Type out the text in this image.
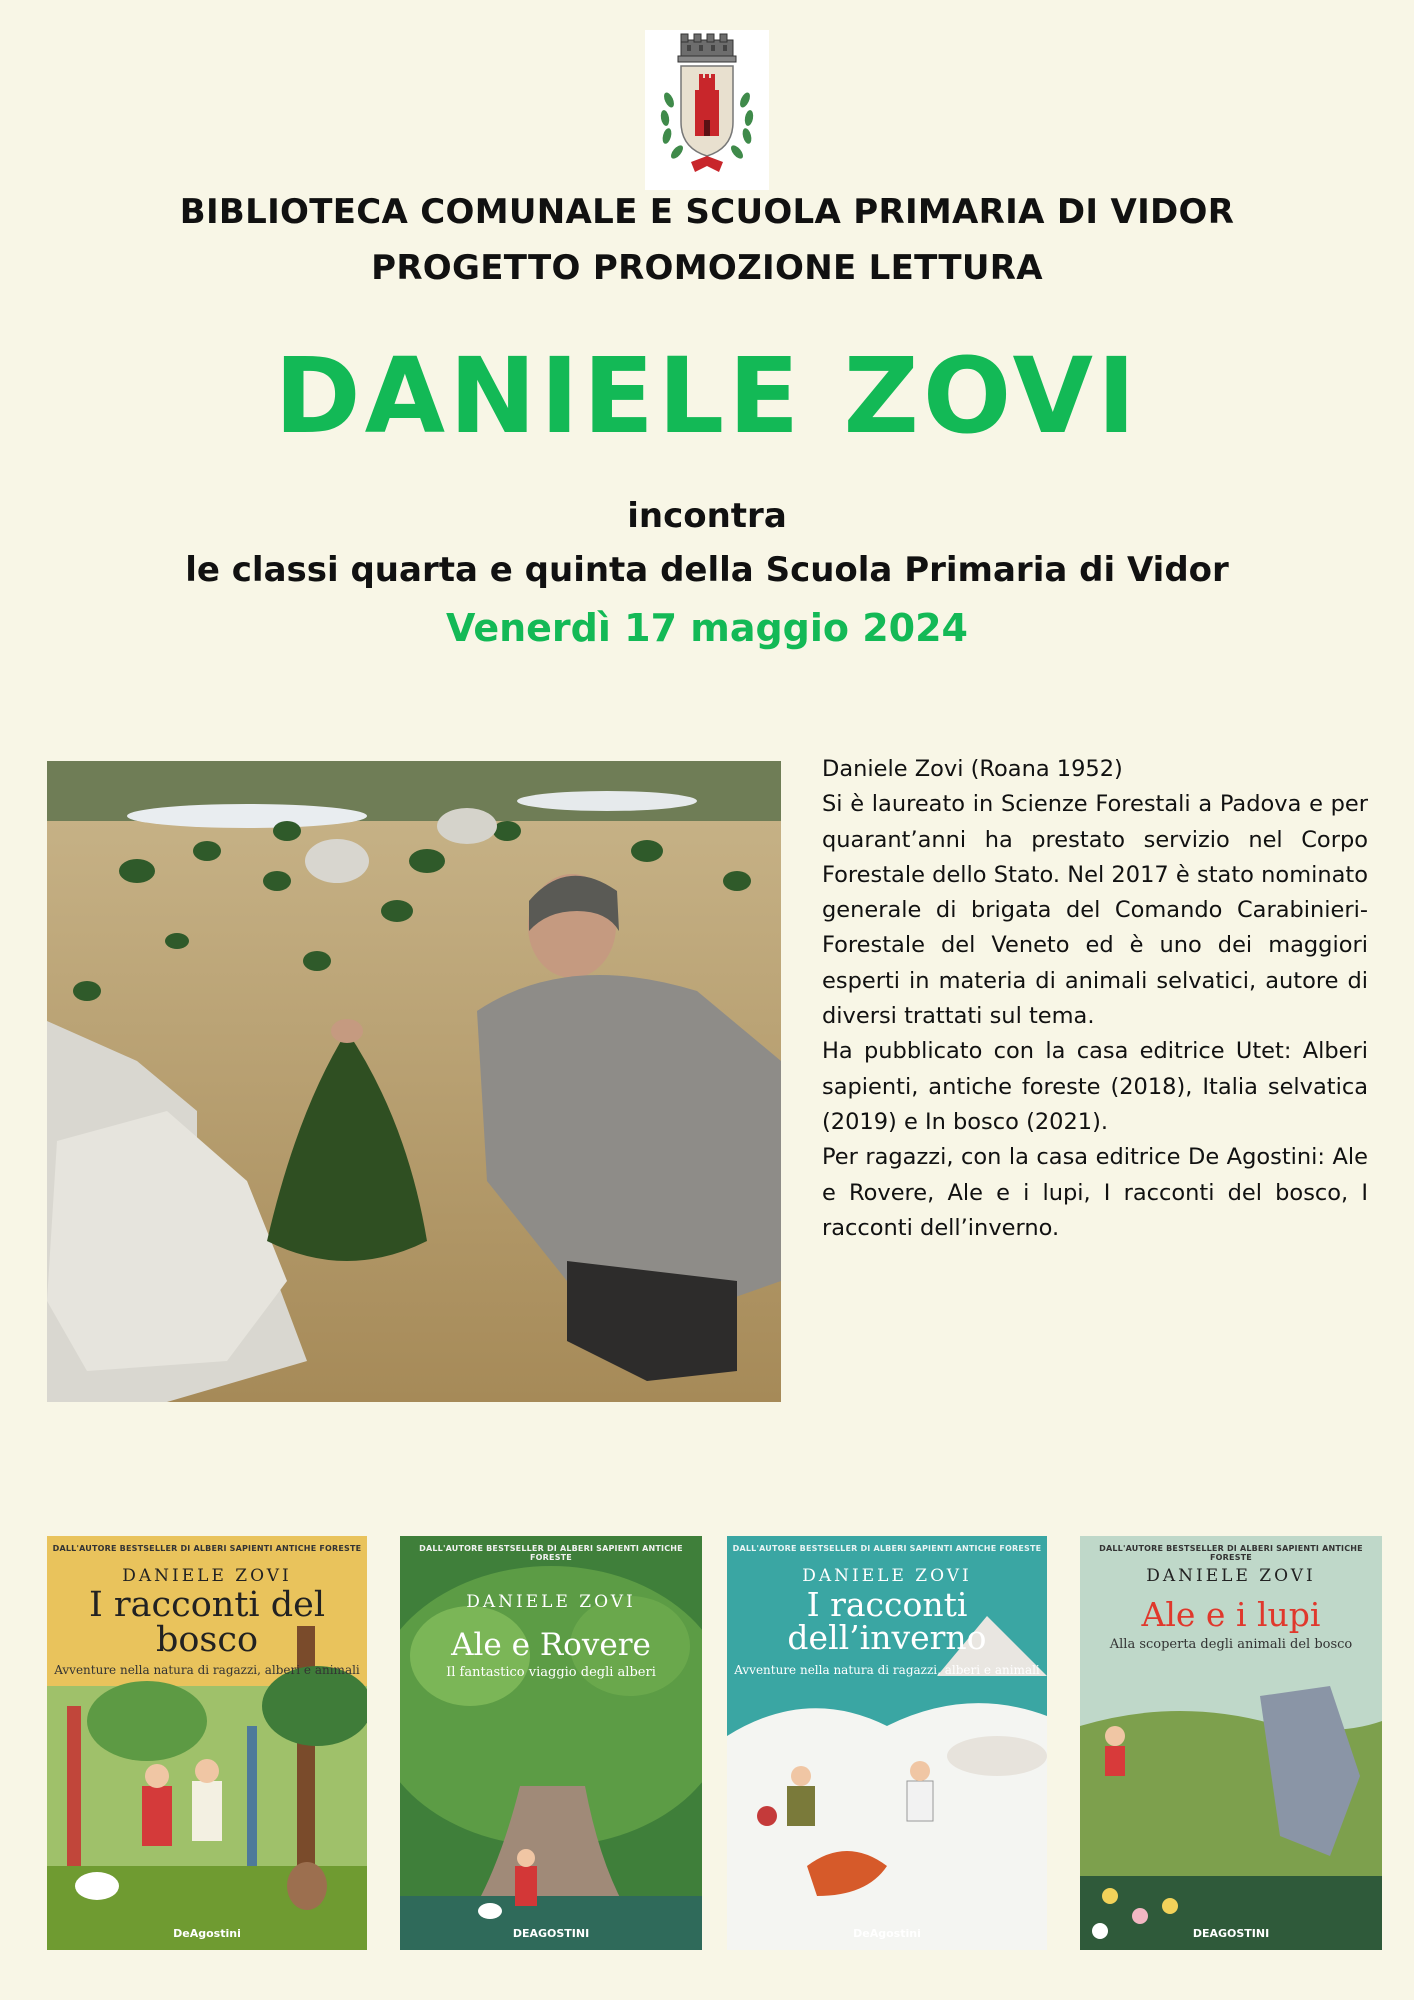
BIBLIOTECA COMUNALE E SCUOLA PRIMARIA DI VIDOR
PROGETTO PROMOZIONE LETTURA
DANIELE ZOVI
incontra
le classi quarta e quinta della Scuola Primaria di Vidor
Venerdì 17 maggio 2024

Daniele Zovi (Roana 1952)

Si è laureato in Scienze Forestali a Padova e per quarant’anni ha prestato servizio nel Corpo Forestale dello Stato. Nel 2017 è stato nominato generale di brigata del Comando Carabinieri-Forestale del Veneto ed è uno dei maggiori esperti in materia di animali selvatici, autore di diversi trattati sul tema.

Ha pubblicato con la casa editrice Utet: Alberi sapienti, antiche foreste (2018), Italia selvatica (2019) e In bosco (2021).

Per ragazzi, con la casa editrice De Agostini: Ale e Rovere, Ale e i lupi, I racconti del bosco, I racconti dell’inverno.

DALL'AUTORE BESTSELLER DI ALBERI SAPIENTI ANTICHE FORESTE
DANIELE ZOVI
I racconti del bosco
Avventure nella natura di ragazzi, alberi e animali
DeAgostini
DALL'AUTORE BESTSELLER DI ALBERI SAPIENTI ANTICHE FORESTE
DANIELE ZOVI
Ale e Rovere
Il fantastico viaggio degli alberi
DEAGOSTINI
DALL'AUTORE BESTSELLER DI ALBERI SAPIENTI ANTICHE FORESTE
DANIELE ZOVI
I racconti dell’inverno
Avventure nella natura di ragazzi, alberi e animali
DeAgostini
DALL'AUTORE BESTSELLER DI ALBERI SAPIENTI ANTICHE FORESTE
DANIELE ZOVI
Ale e i lupi
Alla scoperta degli animali del bosco
DEAGOSTINI
